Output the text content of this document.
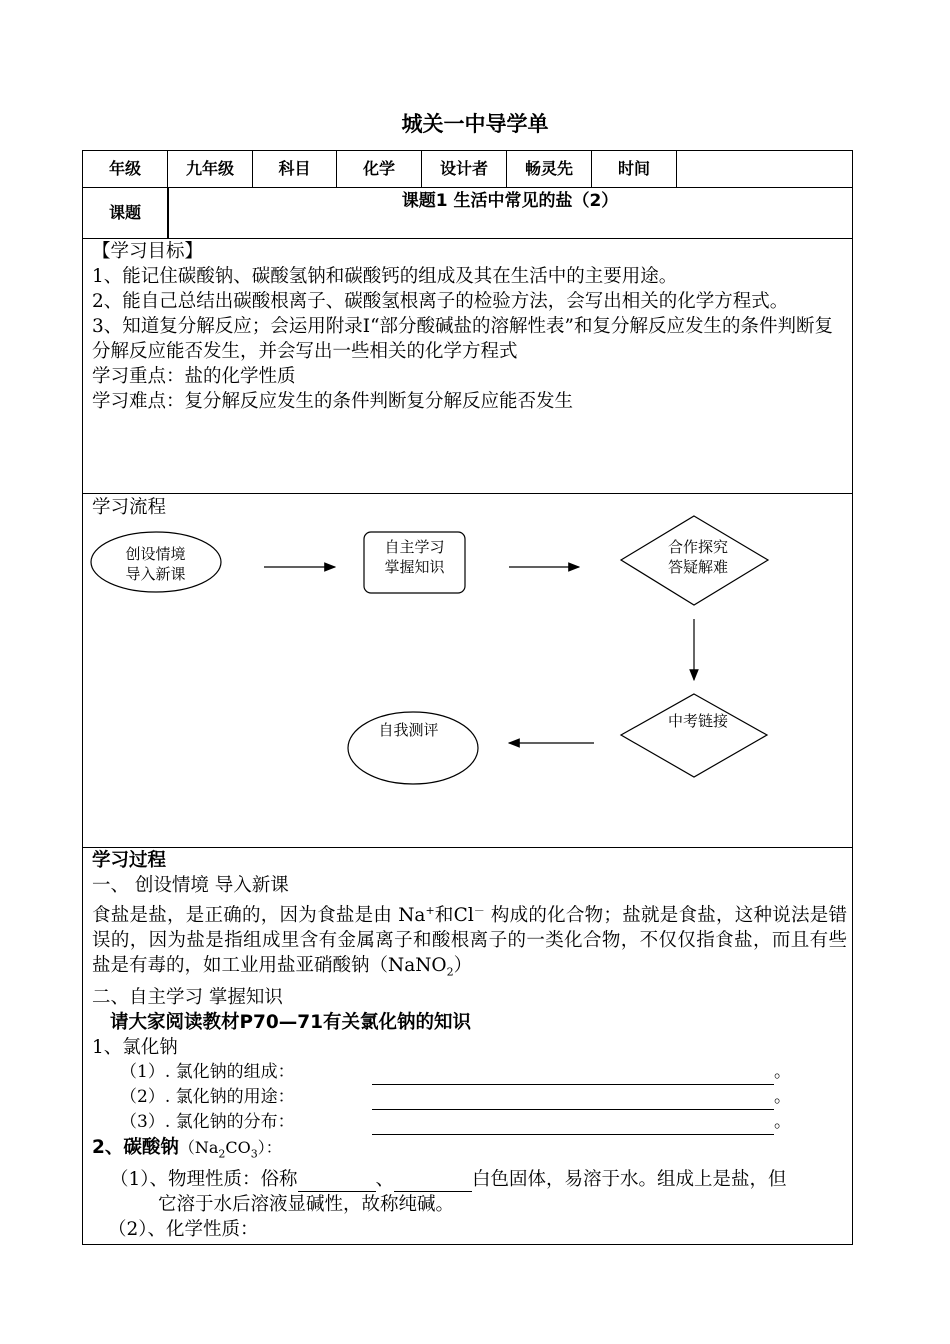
城关一中导学单
年级	九年级	科目	化学	设计者	畅灵先	时间
课题
课题1 生活中常见的盐（2）

【学习目标】

1、能记住碳酸钠、碳酸氢钠和碳酸钙的组成及其在生活中的主要用途。

2、能自己总结出碳酸根离子、碳酸氢根离子的检验方法，会写出相关的化学方程式。

3、知道复分解反应；会运用附录Ⅰ“部分酸碱盐的溶解性表”和复分解反应发生的条件判断复分解反应能否发生，并会写出一些相关的化学方程式

学习重点：盐的化学性质

学习难点：复分解反应发生的条件判断复分解反应能否发生

学习流程
创设情境
导入新课
自主学习
掌握知识
合作探究
答疑解难
中考链接
自我测评

学习过程

一、 创设情境 导入新课

食盐是盐，是正确的，因为食盐是由 Na+和Cl－ 构成的化合物；盐就是食盐，这种说法是错误的，因为盐是指组成里含有金属离子和酸根离子的一类化合物，不仅仅指食盐，而且有些盐是有毒的，如工业用盐亚硝酸钠（NaNO$_2$）

二、自主学习 掌握知识

请大家阅读教材P70—71有关氯化钠的知识

1、氯化钠

（1）. 氯化钠的组成：	。

（2）. 氯化钠的用途：	。

（3）. 氯化钠的分布：	。

2、碳酸钠$(Na_2CO_3)$：

（1）、物理性质：俗称	、	白色固体，易溶于水。组成上是盐，但

它溶于水后溶液显碱性，故称纯碱。

（2）、化学性质：
